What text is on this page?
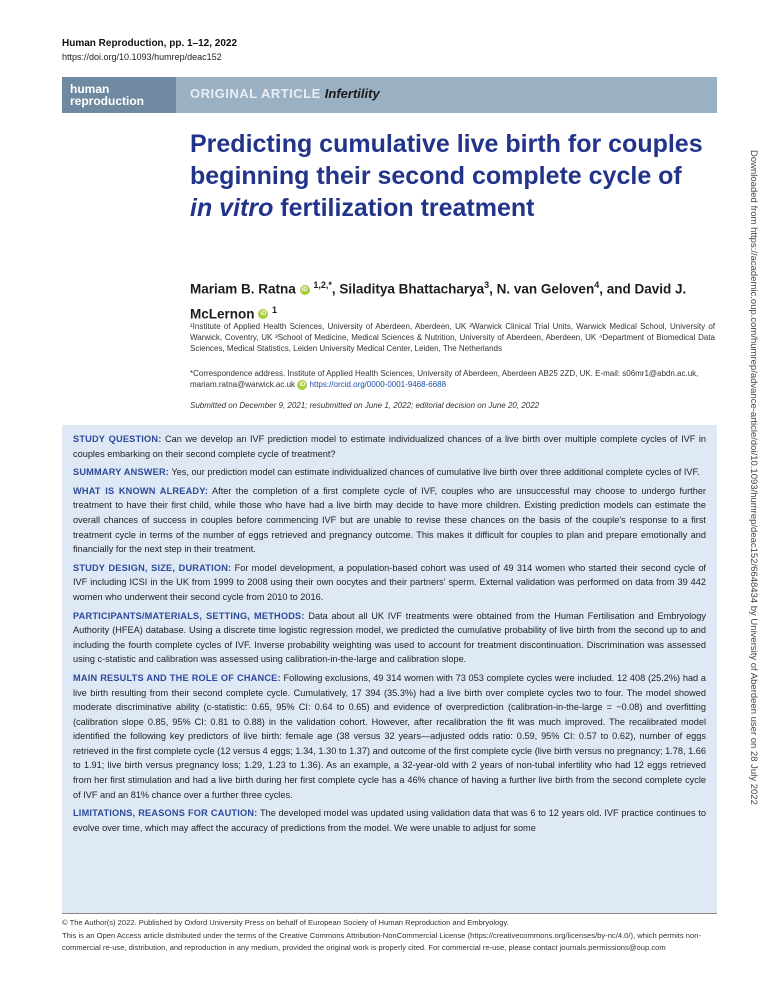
Human Reproduction, pp. 1–12, 2022
https://doi.org/10.1093/humrep/deac152
human
reproduction	ORIGINAL ARTICLE Infertility
Predicting cumulative live birth for couples beginning their second complete cycle of in vitro fertilization treatment
Mariam B. Ratna iD $^{1,2,*}$, Siladitya Bhattacharya$^3$, N. van Geloven$^4$, and David J. McLernon iD $^1$
¹Institute of Applied Health Sciences, University of Aberdeen, Aberdeen, UK ²Warwick Clinical Trial Units, Warwick Medical School, University of Warwick, Coventry, UK ³School of Medicine, Medical Sciences & Nutrition, University of Aberdeen, Aberdeen, UK ⁴Department of Biomedical Data Sciences, Medical Statistics, Leiden University Medical Center, Leiden, The Netherlands
*Correspondence address. Institute of Applied Health Sciences, University of Aberdeen, Aberdeen AB25 2ZD, UK. E-mail: s06mr1@abdn.ac.uk, mariam.ratna@warwick.ac.uk iD https://orcid.org/0000-0001-9468-6688
Submitted on December 9, 2021; resubmitted on June 1, 2022; editorial decision on June 20, 2022

STUDY QUESTION: Can we develop an IVF prediction model to estimate individualized chances of a live birth over multiple complete cycles of IVF in couples embarking on their second complete cycle of treatment?

SUMMARY ANSWER: Yes, our prediction model can estimate individualized chances of cumulative live birth over three additional complete cycles of IVF.

WHAT IS KNOWN ALREADY: After the completion of a first complete cycle of IVF, couples who are unsuccessful may choose to undergo further treatment to have their first child, while those who have had a live birth may decide to have more children. Existing prediction models can estimate the overall chances of success in couples before commencing IVF but are unable to revise these chances on the basis of the couple's response to a first treatment cycle in terms of the number of eggs retrieved and pregnancy outcome. This makes it difficult for couples to plan and prepare emotionally and financially for the next step in their treatment.

STUDY DESIGN, SIZE, DURATION: For model development, a population-based cohort was used of 49 314 women who started their second cycle of IVF including ICSI in the UK from 1999 to 2008 using their own oocytes and their partners' sperm. External validation was performed on data from 39 442 women who underwent their second cycle from 2010 to 2016.

PARTICIPANTS/MATERIALS, SETTING, METHODS: Data about all UK IVF treatments were obtained from the Human Fertilisation and Embryology Authority (HFEA) database. Using a discrete time logistic regression model, we predicted the cumulative probability of live birth from the second up to and including the fourth complete cycles of IVF. Inverse probability weighting was used to account for treatment discontinuation. Discrimination was assessed using c-statistic and calibration was assessed using calibration-in-the-large and calibration slope.

MAIN RESULTS AND THE ROLE OF CHANCE: Following exclusions, 49 314 women with 73 053 complete cycles were included. 12 408 (25.2%) had a live birth resulting from their second complete cycle. Cumulatively, 17 394 (35.3%) had a live birth over complete cycles two to four. The model showed moderate discriminative ability (c-statistic: 0.65, 95% CI: 0.64 to 0.65) and evidence of overprediction (calibration-in-the-large = −0.08) and overfitting (calibration slope 0.85, 95% CI: 0.81 to 0.88) in the validation cohort. However, after recalibration the fit was much improved. The recalibrated model identified the following key predictors of live birth: female age (38 versus 32 years—adjusted odds ratio: 0.59, 95% CI: 0.57 to 0.62), number of eggs retrieved in the first complete cycle (12 versus 4 eggs; 1.34, 1.30 to 1.37) and outcome of the first complete cycle (live birth versus no pregnancy; 1.78, 1.66 to 1.91; live birth versus pregnancy loss; 1.29, 1.23 to 1.36). As an example, a 32-year-old with 2 years of non-tubal infertility who had 12 eggs retrieved from her first stimulation and had a live birth during her first complete cycle has a 46% chance of having a further live birth from the second complete cycle of IVF and an 81% chance over a further three cycles.

LIMITATIONS, REASONS FOR CAUTION: The developed model was updated using validation data that was 6 to 12 years old. IVF practice continues to evolve over time, which may affect the accuracy of predictions from the model. We were unable to adjust for some

© The Author(s) 2022. Published by Oxford University Press on behalf of European Society of Human Reproduction and Embryology.

This is an Open Access article distributed under the terms of the Creative Commons Attribution-NonCommercial License (https://creativecommons.org/licenses/by-nc/4.0/), which permits non-commercial re-use, distribution, and reproduction in any medium, provided the original work is properly cited. For commercial re-use, please contact journals.permissions@oup.com

Downloaded from https://academic.oup.com/humrep/advance-article/doi/10.1093/humrep/deac152/6648434 by University of Aberdeen user on 28 July 2022
